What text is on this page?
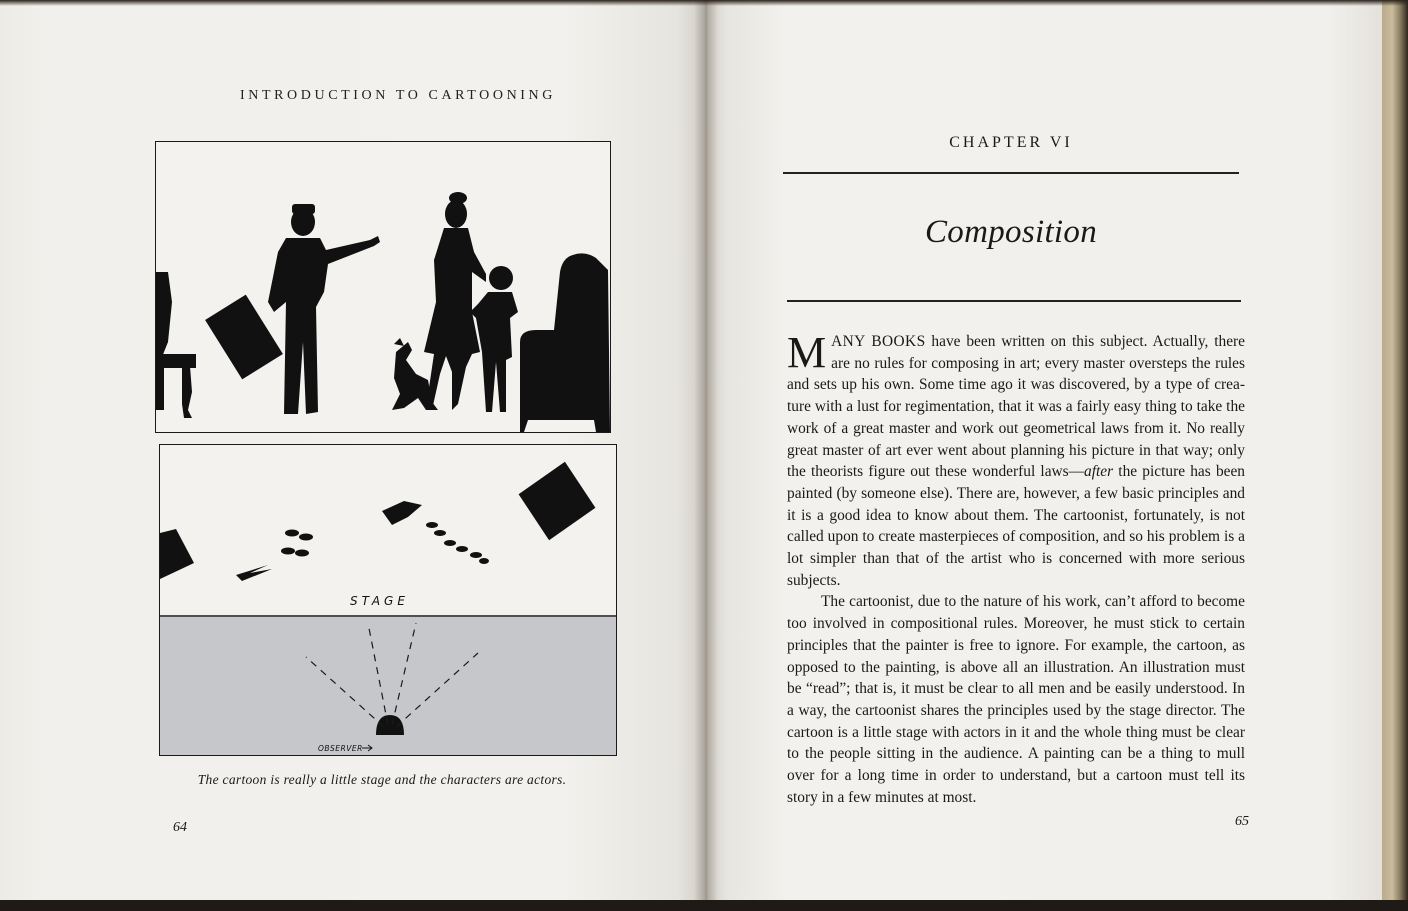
INTRODUCTION TO CARTOONING
STAGE
OBSERVER
The cartoon is really a little stage and the characters are actors.
64
CHAPTER VI
Composition

MANY BOOKS have been written on this subject. Actually, there are no rules for composing in art; every master oversteps the rules and sets up his own. Some time ago it was discovered, by a type of creature with a lust for regimentation, that it was a fairly easy thing to take the work of a great master and work out geometrical laws from it. No really great master of art ever went about planning his picture in that way; only the theorists figure out these wonderful laws—after the picture has been painted (by someone else). There are, however, a few basic principles and it is a good idea to know about them. The cartoonist, fortunately, is not called upon to create masterpieces of composition, and so his problem is a lot simpler than that of the artist who is concerned with more serious subjects.

The cartoonist, due to the nature of his work, can’t afford to become too involved in compositional rules. Moreover, he must stick to certain principles that the painter is free to ignore. For example, the cartoon, as opposed to the painting, is above all an illustration. An illustration must be “read”; that is, it must be clear to all men and be easily understood. In a way, the cartoonist shares the principles used by the stage director. The cartoon is a little stage with actors in it and the whole thing must be clear to the people sitting in the audience. A painting can be a thing to mull over for a long time in order to understand, but a cartoon must tell its story in a few minutes at most.

65
